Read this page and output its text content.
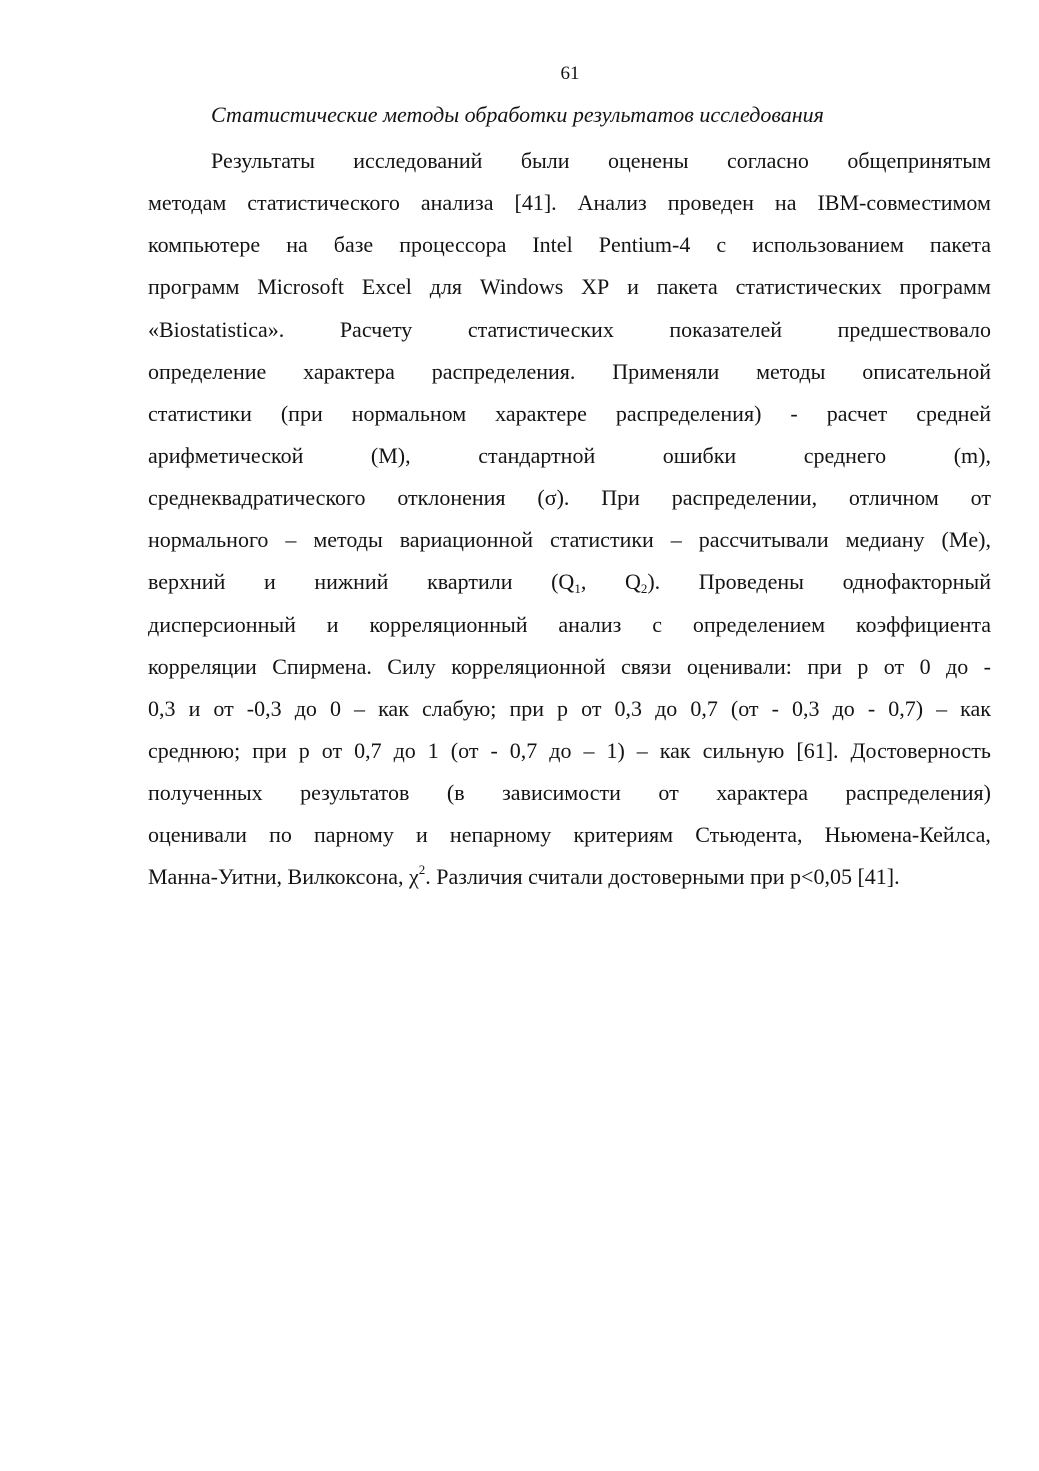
61
Статистические методы обработки результатов исследования
Результаты исследований были оценены согласно общепринятым
методам статистического анализа [41]. Анализ проведен на IBM-совместимом
компьютере на базе процессора Intel Pentium-4 с использованием пакета
программ Microsoft Excel для Windows XP и пакета статистических программ
«Biostatistica».	Расчету	статистических	показателей	предшествовало
определение характера распределения. Применяли методы описательной
статистики (при нормальном характере распределения) - расчет средней
арифметической	(М),	стандартной	ошибки	среднего	(m),
среднеквадратического отклонения (σ). При распределении, отличном от
нормального – методы вариационной статистики – рассчитывали медиану (Me),
верхний и нижний квартили ($Q_1$, $Q_2$). Проведены однофакторный
дисперсионный и корреляционный анализ с определением коэффициента
корреляции Спирмена. Силу корреляционной связи оценивали: при р от 0 до -
0,3 и от -0,3 до 0 – как слабую; при р от 0,3 до 0,7 (от - 0,3 до - 0,7) – как
среднюю; при р от 0,7 до 1 (от - 0,7 до – 1) – как сильную [61]. Достоверность
полученных результатов (в зависимости от характера распределения)
оценивали по парному и непарному критериям Стьюдента, Ньюмена-Кейлса,
Манна-Уитни, Вилкоксона, $\chi^2$. Различия считали достоверными при р<0,05 [41].
